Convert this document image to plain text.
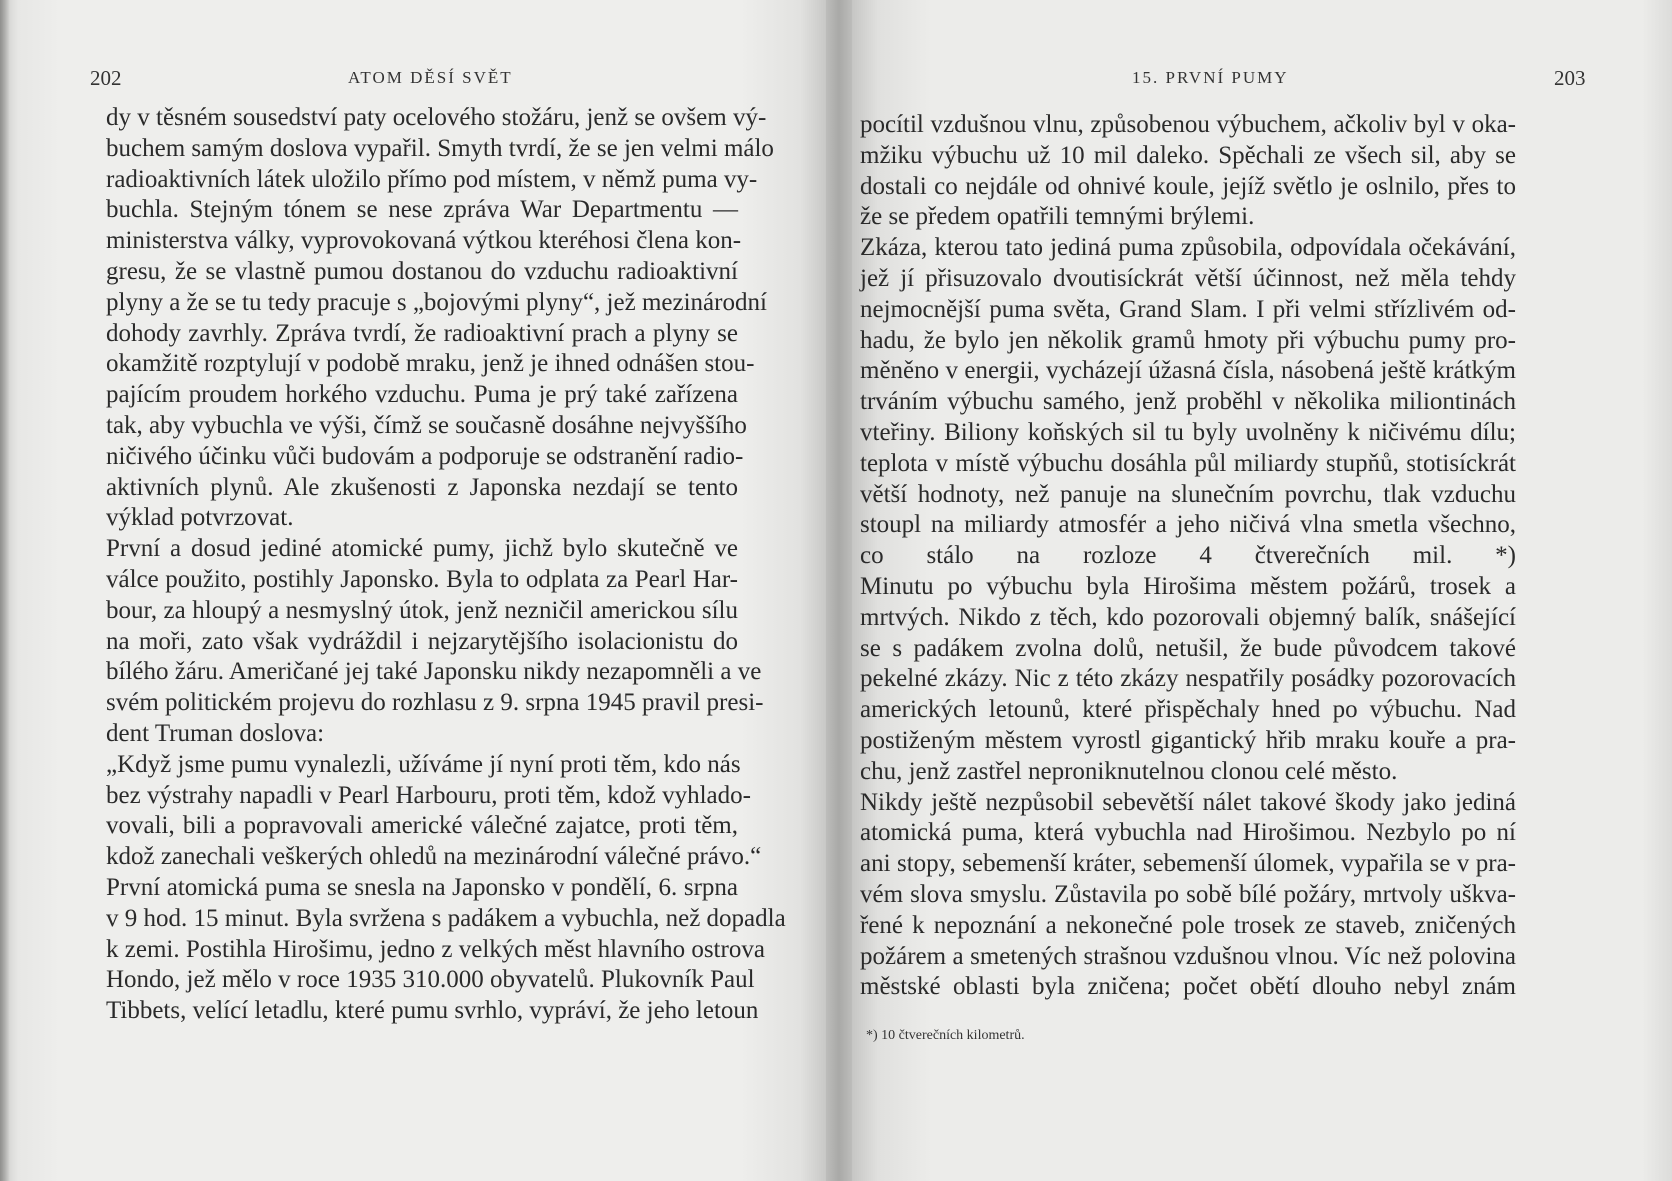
202	ATOM DĚSÍ SVĚT
dy v těsném sousedství paty ocelového stožáru, jenž se ovšem vý-
buchem samým doslova vypařil. Smyth tvrdí, že se jen velmi málo
radioaktivních látek uložilo přímo pod místem, v němž puma vy-
buchla. Stejným tónem se nese zpráva War Departmentu —
ministerstva války, vyprovokovaná výtkou kteréhosi člena kon-
gresu, že se vlastně pumou dostanou do vzduchu radioaktivní
plyny a že se tu tedy pracuje s „bojovými plyny“, jež mezinárodní
dohody zavrhly. Zpráva tvrdí, že radioaktivní prach a plyny se
okamžitě rozptylují v podobě mraku, jenž je ihned odnášen stou-
pajícím proudem horkého vzduchu. Puma je prý také zařízena
tak, aby vybuchla ve výši, čímž se současně dosáhne nejvyššího
ničivého účinku vůči budovám a podporuje se odstranění radio-
aktivních plynů. Ale zkušenosti z Japonska nezdají se tento
výklad potvrzovat.
První a dosud jediné atomické pumy, jichž bylo skutečně ve
válce použito, postihly Japonsko. Byla to odplata za Pearl Har-
bour, za hloupý a nesmyslný útok, jenž nezničil americkou sílu
na moři, zato však vydráždil i nejzarytějšího isolacionistu do
bílého žáru. Američané jej také Japonsku nikdy nezapomněli a ve
svém politickém projevu do rozhlasu z 9. srpna 1945 pravil presi-
dent Truman doslova:
„Když jsme pumu vynalezli, užíváme jí nyní proti těm, kdo nás
bez výstrahy napadli v Pearl Harbouru, proti těm, kdož vyhlado-
vovali, bili a popravovali americké válečné zajatce, proti těm,
kdož zanechali veškerých ohledů na mezinárodní válečné právo.“
První atomická puma se snesla na Japonsko v pondělí, 6. srpna
v 9 hod. 15 minut. Byla svržena s padákem a vybuchla, než dopadla
k zemi. Postihla Hirošimu, jedno z velkých měst hlavního ostrova
Hondo, jež mělo v roce 1935 310.000 obyvatelů. Plukovník Paul
Tibbets, velící letadlu, které pumu svrhlo, vypráví, že jeho letoun
15. PRVNÍ PUMY	203
pocítil vzdušnou vlnu, způsobenou výbuchem, ačkoliv byl v oka-
mžiku výbuchu už 10 mil daleko. Spěchali ze všech sil, aby se
dostali co nejdále od ohnivé koule, jejíž světlo je oslnilo, přes to
že se předem opatřili temnými brýlemi.
Zkáza, kterou tato jediná puma způsobila, odpovídala očekávání,
jež jí přisuzovalo dvoutisíckrát větší účinnost, než měla tehdy
nejmocnější puma světa, Grand Slam. I při velmi střízlivém od-
hadu, že bylo jen několik gramů hmoty při výbuchu pumy pro-
měněno v energii, vycházejí úžasná čísla, násobená ještě krátkým
trváním výbuchu samého, jenž proběhl v několika miliontinách
vteřiny. Biliony koňských sil tu byly uvolněny k ničivému dílu;
teplota v místě výbuchu dosáhla půl miliardy stupňů, stotisíckrát
větší hodnoty, než panuje na slunečním povrchu, tlak vzduchu
stoupl na miliardy atmosfér a jeho ničivá vlna smetla všechno,
co stálo na rozloze 4 čtverečních mil. *)
Minutu po výbuchu byla Hirošima městem požárů, trosek a
mrtvých. Nikdo z těch, kdo pozorovali objemný balík, snášející
se s padákem zvolna dolů, netušil, že bude původcem takové
pekelné zkázy. Nic z této zkázy nespatřily posádky pozorovacích
amerických letounů, které přispěchaly hned po výbuchu. Nad
postiženým městem vyrostl gigantický hřib mraku kouře a pra-
chu, jenž zastřel neproniknutelnou clonou celé město.
Nikdy ještě nezpůsobil sebevětší nálet takové škody jako jediná
atomická puma, která vybuchla nad Hirošimou. Nezbylo po ní
ani stopy, sebemenší kráter, sebemenší úlomek, vypařila se v pra-
vém slova smyslu. Zůstavila po sobě bílé požáry, mrtvoly uškva-
řené k nepoznání a nekonečné pole trosek ze staveb, zničených
požárem a smetených strašnou vzdušnou vlnou. Víc než polovina
městské oblasti byla zničena; počet obětí dlouho nebyl znám
*) 10 čtverečních kilometrů.
